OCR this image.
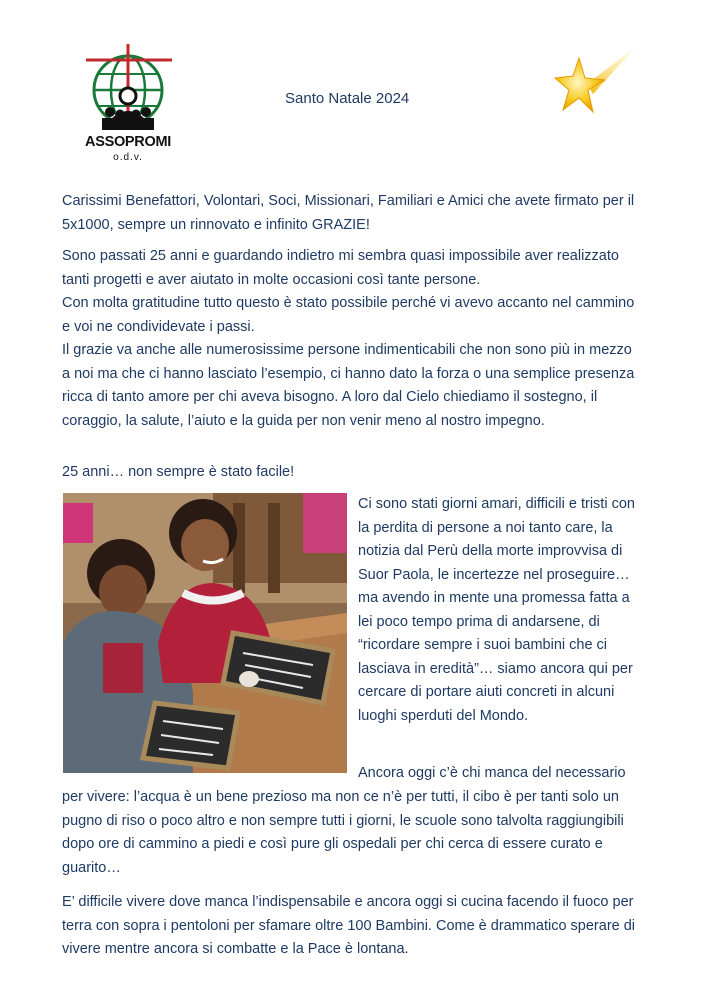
ASSOPROMI
o.d.v.
Santo Natale 2024

Carissimi Benefattori, Volontari, Soci, Missionari, Familiari e Amici che avete firmato per il 5x1000, sempre un rinnovato e infinito GRAZIE!

Sono passati 25 anni e guardando indietro mi sembra quasi impossibile aver realizzato tanti progetti e aver aiutato in molte occasioni così tante persone.

Con molta gratitudine tutto questo è stato possibile perché vi avevo accanto nel cammino e voi ne condividevate i passi.

Il grazie va anche alle numerosissime persone indimenticabili che non sono più in mezzo a noi ma che ci hanno lasciato l’esempio, ci hanno dato la forza o una semplice presenza ricca di tanto amore per chi aveva bisogno. A loro dal Cielo chiediamo il sostegno, il coraggio, la salute, l’aiuto e la guida per non venir meno al nostro impegno.

25 anni… non sempre è stato facile!

Ci sono stati giorni amari, difficili e tristi con la perdita di persone a noi tanto care, la notizia dal Perù della morte improvvisa di Suor Paola, le incertezze nel proseguire… ma avendo in mente una promessa fatta a lei poco tempo prima di andarsene, di “ricordare sempre i suoi bambini che ci lasciava in eredità”… siamo ancora qui per cercare di portare aiuti concreti in alcuni luoghi sperduti del Mondo.

Ancora oggi c’è chi manca del necessario

per vivere: l’acqua è un bene prezioso ma non ce n’è per tutti, il cibo è per tanti solo un pugno di riso o poco altro e non sempre tutti i giorni, le scuole sono talvolta raggiungibili dopo ore di cammino a piedi e così pure gli ospedali per chi cerca di essere curato e guarito…

E’ difficile vivere dove manca l’indispensabile e ancora oggi si cucina facendo il fuoco per terra con sopra i pentoloni per sfamare oltre 100 Bambini. Come è drammatico sperare di vivere mentre ancora si combatte e la Pace è lontana.
